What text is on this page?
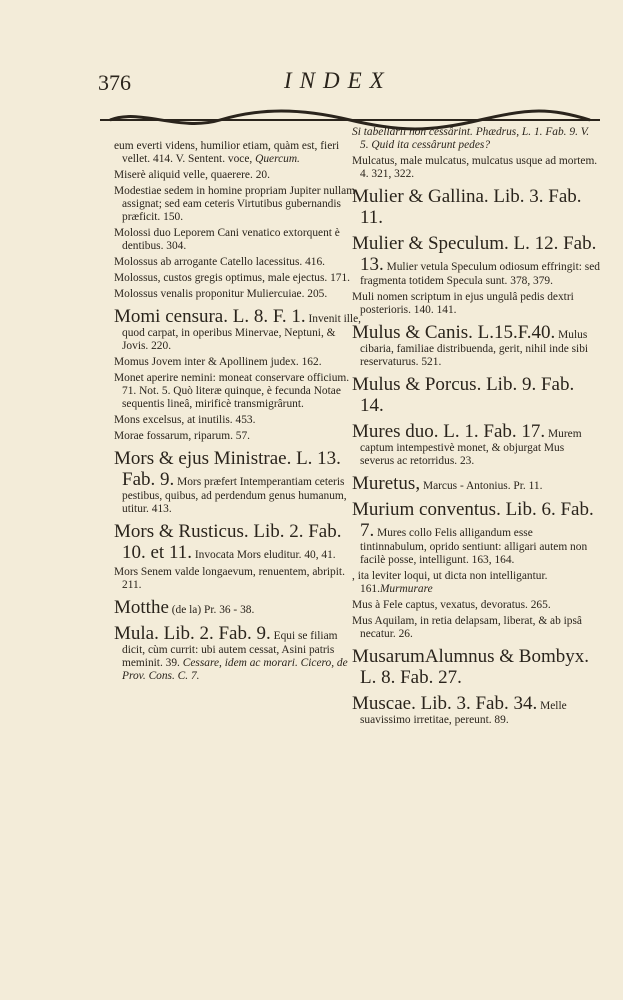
376	INDEX
eum everti videns, humilior etiam, quàm est, fieri vellet. 414. V. Sentent. voce, Quercum.
Miserè aliquid velle, quaerere. 20.
Modestiae sedem in homine propriam Jupiter nullam assignat; sed eam ceteris Virtutibus gubernandis præficit. 150.
Molossi duo Leporem Cani venatico extorquent è dentibus. 304.
Molossus ab arrogante Catello lacessitus. 416.
Molossus, custos gregis optimus, male ejectus. 171.
Molossus venalis proponitur Muliercuiae. 205.
Momi censura. L. 8. F. 1. Invenit ille, quod carpat, in operibus Minervae, Neptuni, & Jovis. 220.
Momus Jovem inter & Apollinem judex. 162.
Monet aperire nemini: moneat conservare officium. 71. Not. 5. Quò literæ quinque, è fecunda Notae sequentis lineâ, mirificè transmigrârunt.
Mons excelsus, at inutilis. 453.
Morae fossarum, riparum. 57.
Mors & ejus Ministrae. L. 13. Fab. 9. Mors præfert Intemperantiam ceteris pestibus, quibus, ad perdendum genus humanum, utitur. 413.
Mors & Rusticus. Lib. 2. Fab. 10. et 11. Invocata Mors eluditur. 40, 41.
Mors Senem valde longaevum, renuentem, abripit. 211.
Motthe (de la) Pr. 36 - 38.
Mula. Lib. 2. Fab. 9. Equi se filiam dicit, cùm currit: ubi autem cessat, Asini patris meminit. 39. Cessare, idem ac morari. Cicero, de Prov. Cons. C. 7.
Si tabellarii non cessârint. Phædrus, L. 1. Fab. 9. V. 5. Quid ita cessârunt pedes?
Mulcatus, male mulcatus, mulcatus usque ad mortem. 4. 321, 322.
Mulier & Gallina. Lib. 3. Fab. 11.
Mulier & Speculum. L. 12. Fab. 13. Mulier vetula Speculum odiosum effringit: sed fragmenta totidem Specula sunt. 378, 379.
Muli nomen scriptum in ejus ungulâ pedis dextri posterioris. 140. 141.
Mulus & Canis. L.15.F.40. Mulus cibaria, familiae distribuenda, gerit, nihil inde sibi reservaturus. 521.
Mulus & Porcus. Lib. 9. Fab. 14.
Mures duo. L. 1. Fab. 17. Murem captum intempestivè monet, & objurgat Mus severus ac retorridus. 23.
Muretus, Marcus - Antonius. Pr. 11.
Murium conventus. Lib. 6. Fab. 7. Mures collo Felis alligandum esse tintinnabulum, oprido sentiunt: alligari autem non facilè posse, intelligunt. 163, 164.
, ita leviter loqui, ut dicta non intelligantur. 161.Murmurare
Mus à Fele captus, vexatus, devoratus. 265.
Mus Aquilam, in retia delapsam, liberat, & ab ipsâ necatur. 26.
MusarumAlumnus & Bombyx. L. 8. Fab. 27.
Muscae. Lib. 3. Fab. 34. Melle suavissimo irretitae, pereunt. 89.
